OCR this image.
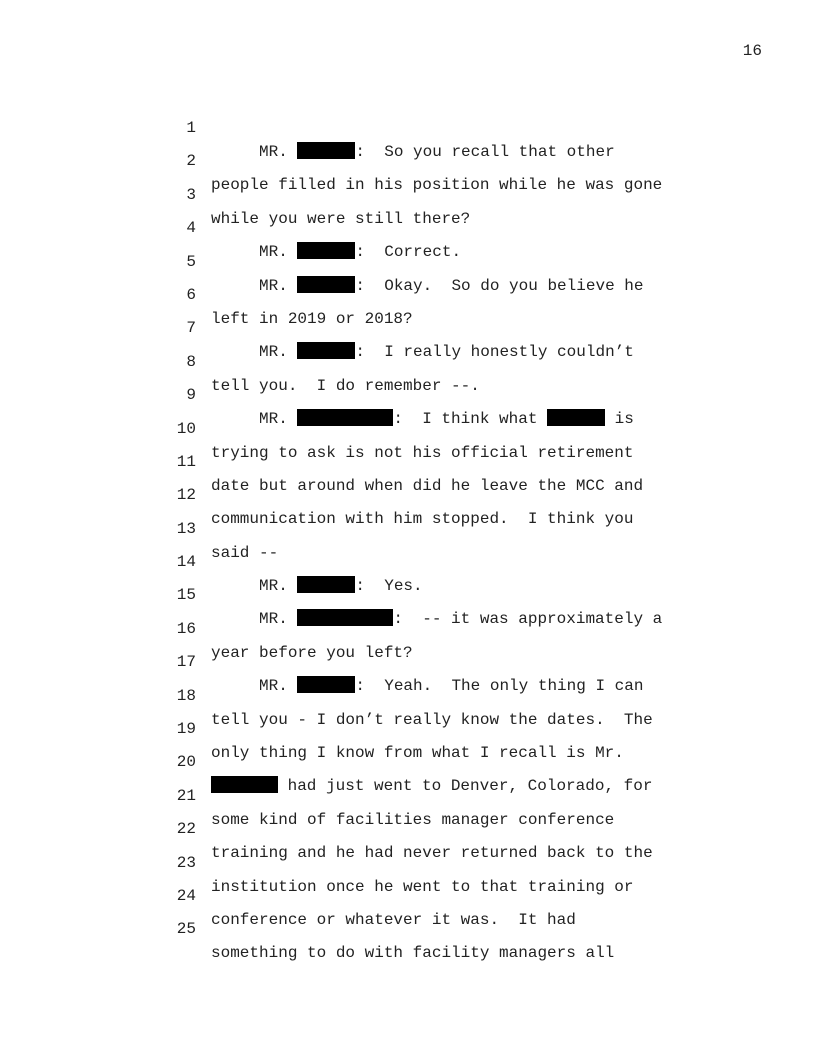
16

1

MR.	:  So you recall that other

2

people filled in his position while he was gone

3

while you were still there?

4

MR.	:  Correct.

5

MR.	:  Okay.  So do you believe he

6

left in 2019 or 2018?

7

MR.	:  I really honestly couldn’t

8

tell you.  I do remember --.

9

MR.	:  I think what	is

10

trying to ask is not his official retirement

11

date but around when did he leave the MCC and

12

communication with him stopped.  I think you

13

said --

14

MR.	:  Yes.

15

MR.	:  -- it was approximately a

16

year before you left?

17

MR.	:  Yeah.  The only thing I can

18

tell you - I don’t really know the dates.  The

19

only thing I know from what I recall is Mr.

20

had just went to Denver, Colorado, for

21

some kind of facilities manager conference

22

training and he had never returned back to the

23

institution once he went to that training or

24

conference or whatever it was.  It had

25

something to do with facility managers all
